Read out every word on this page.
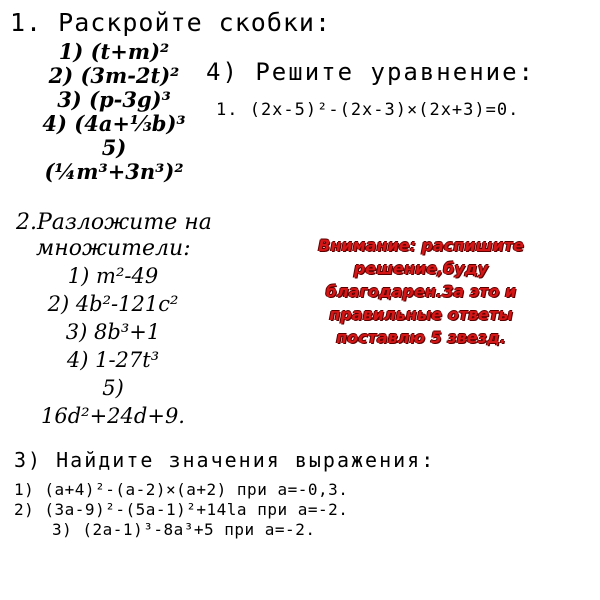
1. Раскройте скобки:
1) (t+m)²
2) (3m-2t)²
3) (p-3g)³
4) (4a+⅓b)³
5)
(¼m³+3n³)²
2.Разложите на
множители:
1) m²-49
2) 4b²-121c²
3) 8b³+1
4) 1-27t³
5)
16d²+24d+9.
4) Решите уравнение:
1. (2x-5)²-(2x-3)×(2x+3)=0.
Внимание: распишите решение,буду благодарен.За это и правильные ответы поставлю 5 звезд.
3) Найдите значения выражения:
1) (a+4)²-(a-2)×(a+2) при a=-0,3.
2) (3a-9)²-(5a-1)²+14la при a=-2.
3) (2a-1)³-8a³+5 при a=-2.
